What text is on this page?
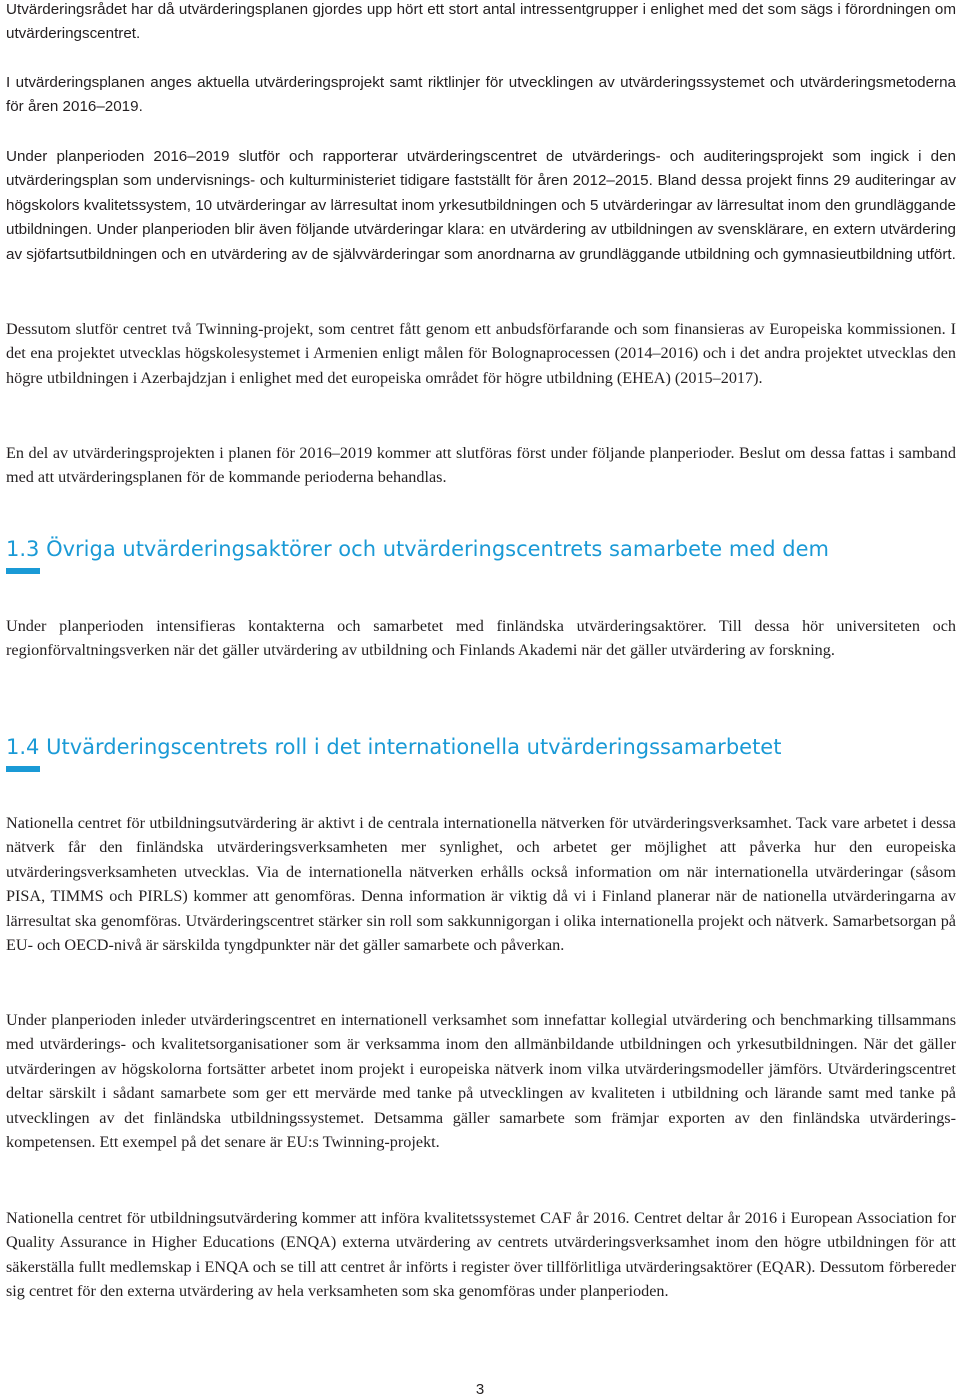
Utvärderingsrådet har då utvärderingsplanen gjordes upp hört ett stort antal intressentgrupper i enlighet med det som sägs i förordningen om utvärderingscentret.

I utvärderingsplanen anges aktuella utvärderingsprojekt samt riktlinjer för utvecklingen av utvärderingssystemet och utvärderingsmetoderna för åren 2016–2019.

Under planperioden 2016–2019 slutför och rapporterar utvärderingscentret de utvärderings- och auditeringsprojekt som ingick i den utvärderingsplan som undervisnings- och kulturministeriet tidigare fastställt för åren 2012–2015. Bland dessa projekt finns 29 auditeringar av högskolors kvalitetssystem, 10 utvärderingar av lärresultat inom yrkesutbildningen och 5 utvärderingar av lärresultat inom den grundläggande utbildningen. Under planperioden blir även följande utvärderingar klara: en utvärdering av utbildningen av svensklärare, en extern utvärdering av sjöfartsutbildningen och en utvärdering av de självvärderingar som anordnarna av grundläggande utbildning och gymnasieutbildning utfört.

Dessutom slutför centret två Twinning-projekt, som centret fått genom ett anbudsförfarande och som finansieras av Europeiska kommissionen. I det ena projektet utvecklas högskolesystemet i Armenien enligt målen för Bolognaprocessen (2014–2016) och i det andra projektet utvecklas den högre utbildningen i Azerbajdzjan i enlighet med det europeiska området för högre utbildning (EHEA) (2015–2017).

En del av utvärderingsprojekten i planen för 2016–2019 kommer att slutföras först under följande planperioder. Beslut om dessa fattas i samband med att utvärderingsplanen för de kommande perioderna behandlas.

1.3 Övriga utvärderingsaktörer och utvärderingscentrets samarbete med dem

Under planperioden intensifieras kontakterna och samarbetet med finländska utvärderingsaktörer. Till dessa hör universiteten och regionförvaltningsverken när det gäller utvärdering av utbildning och Finlands Akademi när det gäller utvärdering av forskning.

1.4 Utvärderingscentrets roll i det internationella utvärderingssamarbetet

Nationella centret för utbildningsutvärdering är aktivt i de centrala internationella nätverken för utvärderingsverksamhet. Tack vare arbetet i dessa nätverk får den finländska utvärderingsverksamheten mer synlighet, och arbetet ger möjlighet att påverka hur den europeiska utvärderingsverksamheten utvecklas. Via de internationella nätverken erhålls också information om när internationella utvärderingar (såsom PISA, TIMMS och PIRLS) kommer att genomföras. Denna information är viktig då vi i Finland planerar när de nationella utvärderingarna av lärresultat ska genomföras. Utvärderingscentret stärker sin roll som sakkunnigorgan i olika internationella projekt och nätverk. Samarbetsorgan på EU- och OECD-nivå är särskilda tyngdpunkter när det gäller samarbete och påverkan.

Under planperioden inleder utvärderingscentret en internationell verksamhet som innefattar kollegial utvärdering och benchmarking tillsammans med utvärderings- och kvalitetsorganisationer som är verksamma inom den allmänbildande utbildningen och yrkesutbildningen. När det gäller utvärderingen av högskolorna fortsätter arbetet inom projekt i europeiska nätverk inom vilka utvärderingsmodeller jämförs. Utvärderingscentret deltar särskilt i sådant samarbete som ger ett mervärde med tanke på utvecklingen av kvaliteten i utbildning och lärande samt med tanke på utvecklingen av det finländska utbildningssystemet. Detsamma gäller samarbete som främjar exporten av den finländska utvärderingskompetensen. Ett exempel på det senare är EU:s Twinning-projekt.

Nationella centret för utbildningsutvärdering kommer att införa kvalitetssystemet CAF år 2016. Centret deltar år 2016 i European Association for Quality Assurance in Higher Educations (ENQA) externa utvärdering av centrets utvärderingsverksamhet inom den högre utbildningen för att säkerställa fullt medlemskap i ENQA och se till att centret år införts i register över tillförlitliga utvärderingsaktörer (EQAR). Dessutom förbereder sig centret för den externa utvärdering av hela verksamheten som ska genomföras under planperioden.

3
